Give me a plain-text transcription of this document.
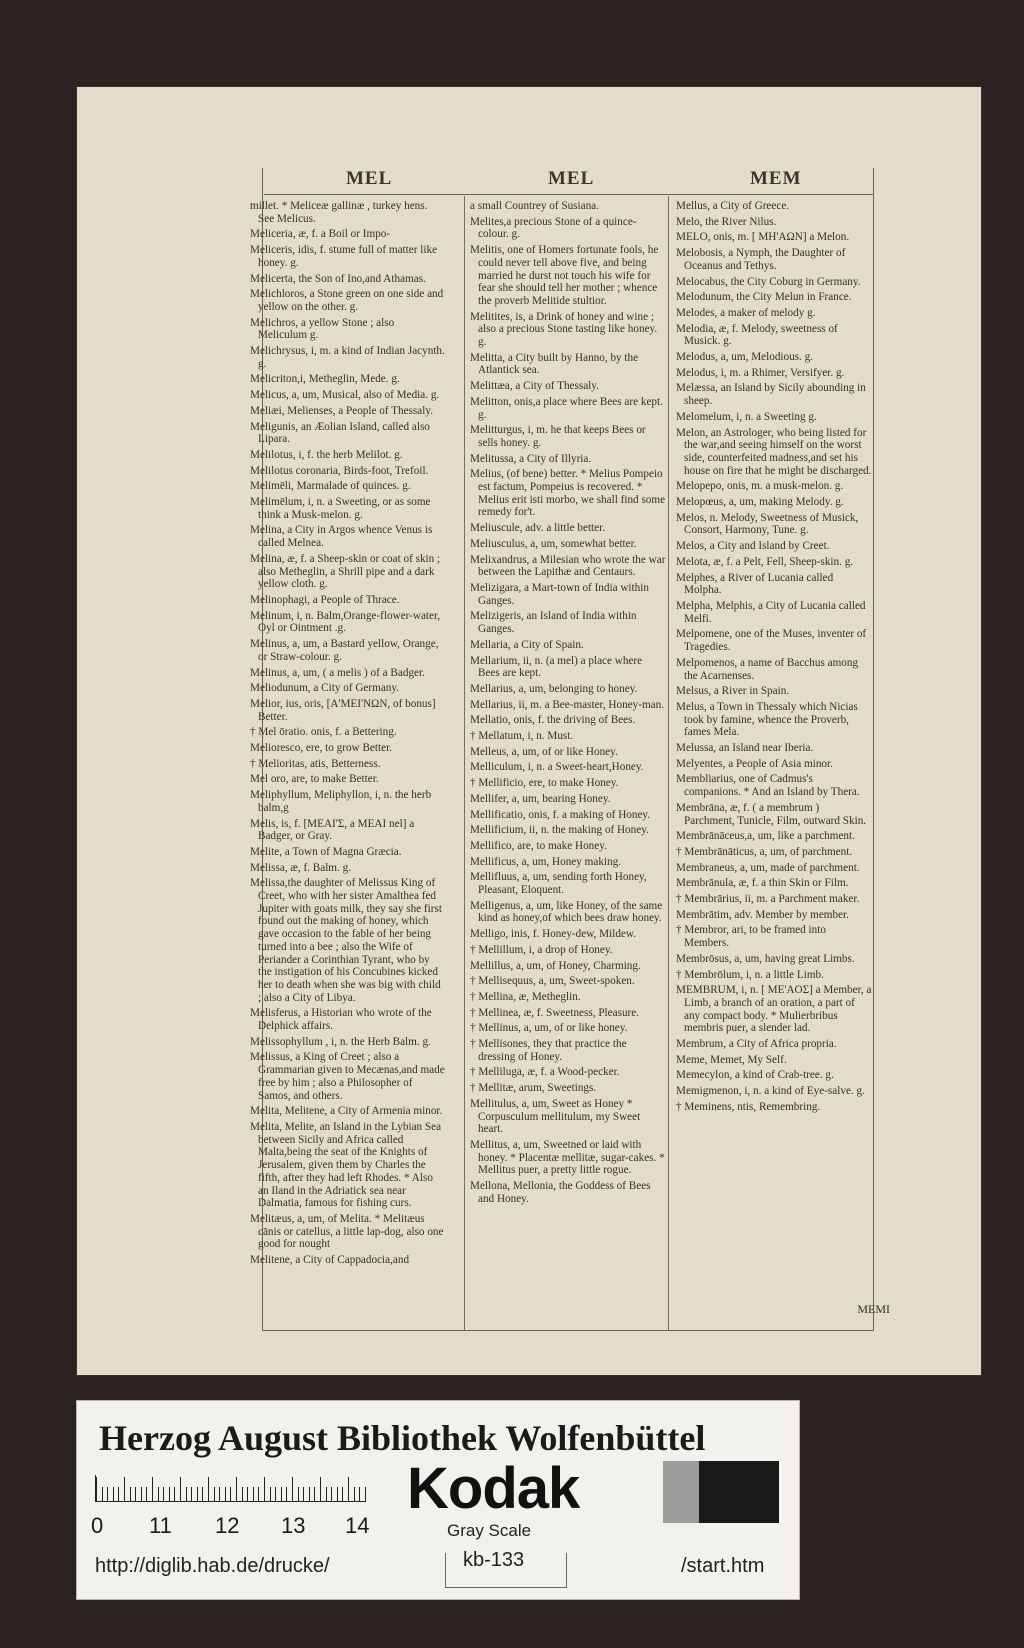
MEL	MEL	MEM

millet. * Meliceæ gallinæ , turkey hens. See Melicus.

Meliceria, æ, f. a Boil or Impo-

Meliceris, idis, f. stume full of matter like honey. g.

Melicerta, the Son of Ino,and Athamas.

Melichloros, a Stone green on one side and yellow on the other. g.

Melichros, a yellow Stone ; also Meliculum g.

Melichrysus, i, m. a kind of Indian Jacynth. g.

Melicriton,i, Metheglin, Mede. g.

Melicus, a, um, Musical, also of Media. g.

Meliæi, Melienses, a People of Thessaly.

Meligunis, an Æolian Island, called also Lipara.

Melilotus, i, f. the herb Melilot. g.

Melilotus coronaria, Birds-foot, Trefoil.

Melimēli, Marmalade of quinces. g.

Melimēlum, i, n. a Sweeting, or as some think a Musk-melon. g.

Melina, a City in Argos whence Venus is called Melnea.

Melina, æ, f. a Sheep-skin or coat of skin ; also Metheglin, a Shrill pipe and a dark yellow cloth. g.

Melinophagi, a People of Thrace.

Melinum, i, n. Balm,Orange-flower-water, Oyl or Ointment .g.

Melinus, a, um, a Bastard yellow, Orange, or Straw-colour. g.

Melinus, a, um, ( a melis ) of a Badger.

Meliodunum, a City of Germany.

Melior, ius, oris, [A'MEI'NΩN, of bonus] Better.

† Mel ōratio. onis, f. a Bettering.

Melioresco, ere, to grow Better.

† Melioritas, atis, Betterness.

Mel oro, are, to make Better.

Meliphyllum, Meliphyllon, i, n. the herb balm,g

Melis, is, f. [MEAI'Σ, a MEAI nel] a Badger, or Gray.

Melite, a Town of Magna Græcia.

Melissa, æ, f. Balm. g.

Melissa,the daughter of Melissus King of Creet, who with her sister Amalthea fed Jupiter with goats milk, they say she first found out the making of honey, which gave occasion to the fable of her being turned into a bee ; also the Wife of Periander a Corinthian Tyrant, who by the instigation of his Concubines kicked her to death when she was big with child ; also a City of Libya.

Melisferus, a Historian who wrote of the Delphick affairs.

Melissophyllum , i, n. the Herb Balm. g.

Melissus, a King of Creet ; also a Grammarian given to Mecænas,and made free by him ; also a Philosopher of Samos, and others.

Melita, Melitene, a City of Armenia minor.

Melita, Melite, an Island in the Lybian Sea between Sicily and Africa called Malta,being the seat of the Knights of Jerusalem, given them by Charles the fifth, after they had left Rhodes. * Also an Iland in the Adriatick sea near Dalmatia, famous for fishing curs.

Melitæus, a, um, of Melita. * Melitæus cānis or catellus, a little lap-dog, also one good for nought

Melitene, a City of Cappadocia,and

a small Countrey of Susiana.

Melites,a precious Stone of a quince-colour. g.

Melitis, one of Homers fortunate fools, he could never tell above five, and being married he durst not touch his wife for fear she should tell her mother ; whence the proverb Melitide stultior.

Melitites, is, a Drink of honey and wine ; also a precious Stone tasting like honey. g.

Melitta, a City built by Hanno, by the Atlantick sea.

Melittæa, a City of Thessaly.

Melitton, onis,a place where Bees are kept. g.

Melitturgus, i, m. he that keeps Bees or sells honey. g.

Melitussa, a City of Illyria.

Melius, (of bene) better. * Melius Pompeio est factum, Pompeius is recovered. * Melius erit isti morbo, we shall find some remedy for't.

Meliuscule, adv. a little better.

Meliusculus, a, um, somewhat better.

Melixandrus, a Milesian who wrote the war between the Lapithæ and Centaurs.

Melizigara, a Mart-town of India within Ganges.

Melizigeris, an Island of India within Ganges.

Mellaria, a City of Spain.

Mellarium, ii, n. (a mel) a place where Bees are kept.

Mellarius, a, um, belonging to honey.

Mellarius, ii, m. a Bee-master, Honey-man.

Mellatio, onis, f. the driving of Bees.

† Mellatum, i, n. Must.

Melleus, a, um, of or like Honey.

Melliculum, i, n. a Sweet-heart,Honey.

† Mellificio, ere, to make Honey.

Mellifer, a, um, bearing Honey.

Mellificatio, onis, f. a making of Honey.

Mellificium, ii, n. the making of Honey.

Mellifico, are, to make Honey.

Mellificus, a, um, Honey making.

Mellifluus, a, um, sending forth Honey, Pleasant, Eloquent.

Melligenus, a, um, like Honey, of the same kind as honey,of which bees draw honey.

Melligo, inis, f. Honey-dew, Mildew.

† Mellillum, i, a drop of Honey.

Mellillus, a, um, of Honey, Charming.

† Mellisequus, a, um, Sweet-spoken.

† Mellina, æ, Metheglin.

† Mellinea, æ, f. Sweetness, Pleasure.

† Mellinus, a, um, of or like honey.

† Mellisones, they that practice the dressing of Honey.

† Melliluga, æ, f. a Wood-pecker.

† Mellitæ, arum, Sweetings.

Mellitulus, a, um, Sweet as Honey * Corpusculum mellitulum, my Sweet heart.

Mellitus, a, um, Sweetned or laid with honey. * Placentæ mellitæ, sugar-cakes. * Mellitus puer, a pretty little rogue.

Mellona, Mellonia, the Goddess of Bees and Honey.

Mellus, a City of Greece.

Melo, the River Nilus.

MELO, onis, m. [ MH'AΩN] a Melon.

Melobosis, a Nymph, the Daughter of Oceanus and Tethys.

Melocabus, the City Coburg in Germany.

Melodunum, the City Melun in France.

Melodes, a maker of melody g.

Melodia, æ, f. Melody, sweetness of Musick. g.

Melodus, a, um, Melodious. g.

Melodus, i, m. a Rhimer, Versifyer. g.

Melæssa, an Island by Sicily abounding in sheep.

Melomelum, i, n. a Sweeting g.

Melon, an Astrologer, who being listed for the war,and seeing himself on the worst side, counterfeited madness,and set his house on fire that he might be discharged.

Melopepo, onis, m. a musk-melon. g.

Melopœus, a, um, making Melody. g.

Melos, n. Melody, Sweetness of Musick, Consort, Harmony, Tune. g.

Melos, a City and Island by Creet.

Melota, æ, f. a Pelt, Fell, Sheep-skin. g.

Melphes, a River of Lucania called Molpha.

Melpha, Melphis, a City of Lucania called Melfi.

Melpomene, one of the Muses, inventer of Tragedies.

Melpomenos, a name of Bacchus among the Acarnenses.

Melsus, a River in Spain.

Melus, a Town in Thessaly which Nicias took by famine, whence the Proverb, fames Mela.

Melussa, an Island near Iberia.

Melyentes, a People of Asia minor.

Membliarius, one of Cadmus's companions. * And an Island by Thera.

Membrāna, æ, f. ( a membrum ) Parchment, Tunicle, Film, outward Skin.

Membrānāceus,a, um, like a parchment.

† Membrānāticus, a, um, of parchment.

Membraneus, a, um, made of parchment.

Membrānula, æ, f. a thin Skin or Film.

† Membrārius, ii, m. a Parchment maker.

Membrātim, adv. Member by member.

† Membror, ari, to be framed into Members.

Membrōsus, a, um, having great Limbs.

† Membrōlum, i, n. a little Limb.

MEMBRUM, i, n. [ ME'AOΣ] a Member, a Limb, a branch of an oration, a part of any compact body. * Mulierbribus membris puer, a slender lad.

Membrum, a City of Africa propria.

Meme, Memet, My Self.

Memecylon, a kind of Crab-tree. g.

Memigmenon, i, n. a kind of Eye-salve. g.

† Meminens, ntis, Remembring.

MEMI
Herzog August Bibliothek Wolfenbüttel
0 11 12 13 14
Kodak
Gray Scale
http://diglib.hab.de/drucke/	kb-133	/start.htm
